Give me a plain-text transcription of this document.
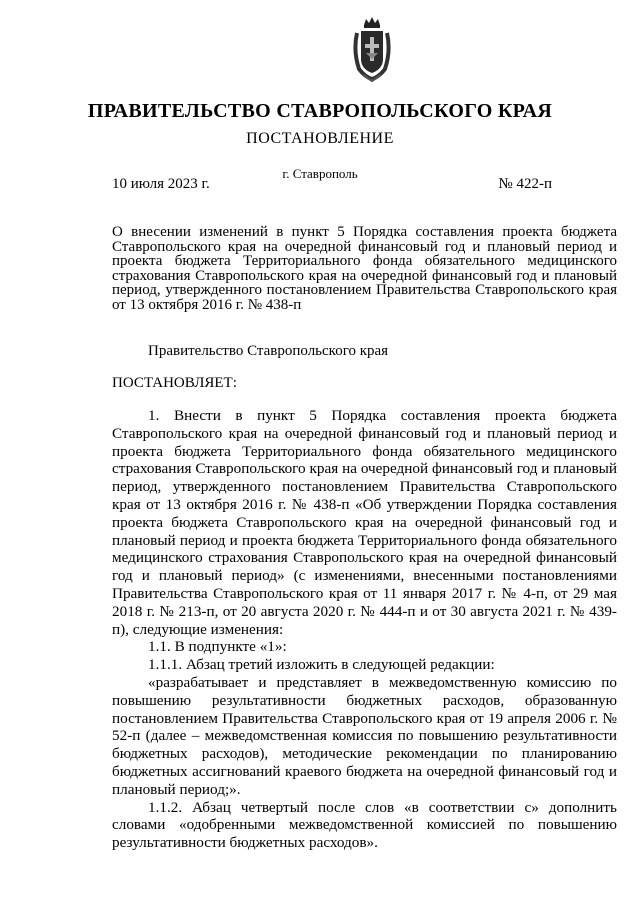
ПРАВИТЕЛЬСТВО СТАВРОПОЛЬСКОГО КРАЯ
ПОСТАНОВЛЕНИЕ
г. Ставрополь
10 июля 2023 г.	№ 422-п
О внесении изменений в пункт 5 Порядка составления проекта бюджета Ставропольского края на очередной финансовый год и плановый период и проекта бюджета Территориального фонда обязательного медицинского страхования Ставропольского края на очередной финансовый год и плановый период, утвержденного постановлением Правительства Ставропольского края от 13 октября 2016 г. № 438-п
Правительство Ставропольского края
ПОСТАНОВЛЯЕТ:

1. Внести в пункт 5 Порядка составления проекта бюджета Ставропольского края на очередной финансовый год и плановый период и проекта бюджета Территориального фонда обязательного медицинского страхования Ставропольского края на очередной финансовый год и плановый период, утвержденного постановлением Правительства Ставропольского края от 13 октября 2016 г. № 438-п «Об утверждении Порядка составления проекта бюджета Ставропольского края на очередной финансовый год и плановый период и проекта бюджета Территориального фонда обязательного медицинского страхования Ставропольского края на очередной финансовый год и плановый период» (с изменениями, внесенными постановлениями Правительства Ставропольского края от 11 января 2017 г. № 4-п, от 29 мая 2018 г. № 213-п, от 20 августа 2020 г. № 444-п и от 30 августа 2021 г. № 439-п), следующие изменения:

1.1. В подпункте «1»:

1.1.1. Абзац третий изложить в следующей редакции:

«разрабатывает и представляет в межведомственную комиссию по повышению результативности бюджетных расходов, образованную постановлением Правительства Ставропольского края от 19 апреля 2006 г. № 52-п (далее – межведомственная комиссия по повышению результативности бюджетных расходов), методические рекомендации по планированию бюджетных ассигнований краевого бюджета на очередной финансовый год и плановый период;».

1.1.2. Абзац четвертый после слов «в соответствии с» дополнить словами «одобренными межведомственной комиссией по повышению результативности бюджетных расходов».
